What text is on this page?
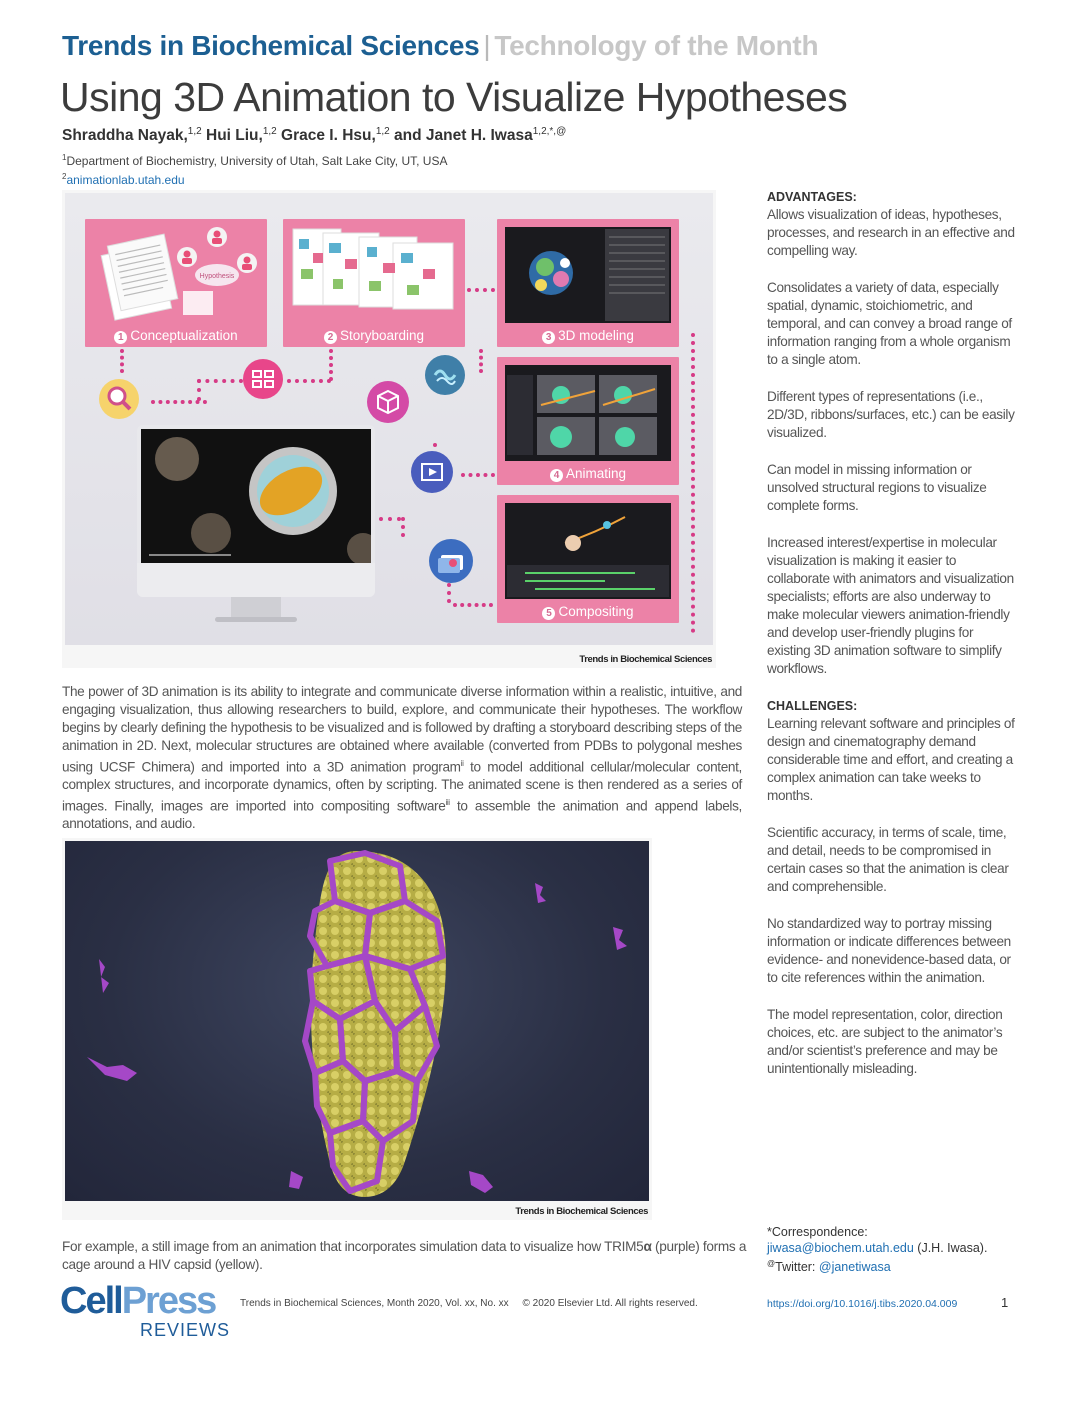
Trends in Biochemical Sciences | Technology of the Month
Using 3D Animation to Visualize Hypotheses
Shraddha Nayak,$^{1,2}$ Hui Liu,$^{1,2}$ Grace I. Hsu,$^{1,2}$ and Janet H. Iwasa$^{1,2,*,@}$
$^1$Department of Biochemistry, University of Utah, Salt Lake City, UT, USA
$^2$animationlab.utah.edu
Hypothesis
1 Conceptualization	2 Storyboarding	3 3D modeling
4 Animating
5 Compositing
Trends in Biochemical Sciences
The power of 3D animation is its ability to integrate and communicate diverse information within a realistic, intuitive, and engaging visualization, thus allowing researchers to build, explore, and communicate their hypotheses. The workflow begins by clearly defining the hypothesis to be visualized and is followed by drafting a storyboard describing steps of the animation in 2D. Next, molecular structures are obtained where available (converted from PDBs to polygonal meshes using UCSF Chimera) and imported into a 3D animation program$^{ii}$ to model additional cellular/molecular content, complex structures, and incorporate dynamics, often by scripting. The animated scene is then rendered as a series of images. Finally, images are imported into compositing software$^{iii}$ to assemble the animation and append labels, annotations, and audio.
Trends in Biochemical Sciences
For example, a still image from an animation that incorporates simulation data to visualize how TRIM5α (purple) forms a cage around a HIV capsid (yellow).
ADVANTAGES:

Allows visualization of ideas, hypotheses, processes, and research in an effective and compelling way.

Consolidates a variety of data, especially spatial, dynamic, stoichiometric, and temporal, and can convey a broad range of information ranging from a whole organism to a single atom.

Different types of representations (i.e., 2D/3D, ribbons/surfaces, etc.) can be easily visualized.

Can model in missing information or unsolved structural regions to visualize complete forms.

Increased interest/expertise in molecular visualization is making it easier to collaborate with animators and visualization specialists; efforts are also underway to make molecular viewers animation-friendly and develop user-friendly plugins for existing 3D animation software to simplify workflows.

CHALLENGES:

Learning relevant software and principles of design and cinematography demand considerable time and effort, and creating a complex animation can take weeks to months.

Scientific accuracy, in terms of scale, time, and detail, needs to be compromised in certain cases so that the animation is clear and comprehensible.

No standardized way to portray missing information or indicate differences between evidence- and nonevidence-based data, or to cite references within the animation.

The model representation, color, direction choices, etc. are subject to the animator’s and/or scientist’s preference and may be unintentionally misleading.

*Correspondence:
jiwasa@biochem.utah.edu (J.H. Iwasa).
@Twitter: @janetiwasa
CellPress
REVIEWS
Trends in Biochemical Sciences, Month 2020, Vol. xx, No. xx     © 2020 Elsevier Ltd. All rights reserved.	https://doi.org/10.1016/j.tibs.2020.04.009	1
